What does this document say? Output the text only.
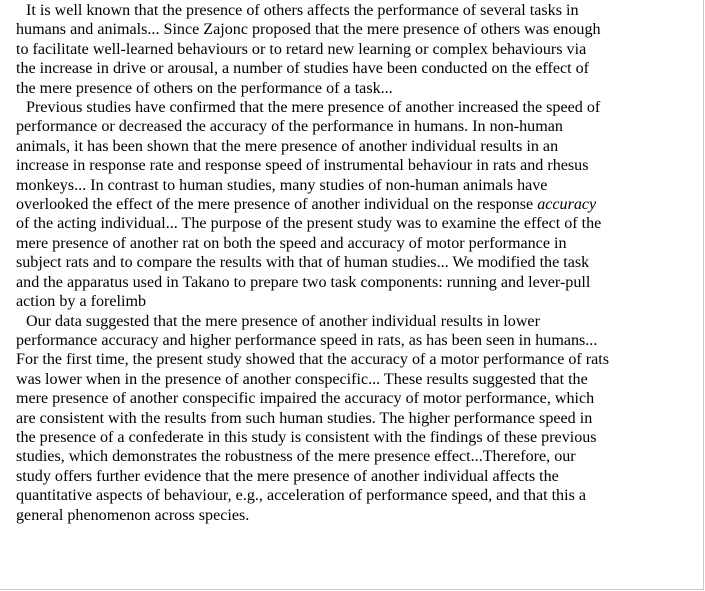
It is well known that the presence of others affects the performance of several tasks in
humans and animals... Since Zajonc proposed that the mere presence of others was enough
to facilitate well-learned behaviours or to retard new learning or complex behaviours via
the increase in drive or arousal, a number of studies have been conducted on the effect of
the mere presence of others on the performance of a task...

Previous studies have confirmed that the mere presence of another increased the speed of
performance or decreased the accuracy of the performance in humans. In non-human
animals, it has been shown that the mere presence of another individual results in an
increase in response rate and response speed of instrumental behaviour in rats and rhesus
monkeys... In contrast to human studies, many studies of non-human animals have
overlooked the effect of the mere presence of another individual on the response accuracy
of the acting individual... The purpose of the present study was to examine the effect of the
mere presence of another rat on both the speed and accuracy of motor performance in
subject rats and to compare the results with that of human studies... We modified the task
and the apparatus used in Takano to prepare two task components: running and lever-pull
action by a forelimb

Our data suggested that the mere presence of another individual results in lower
performance accuracy and higher performance speed in rats, as has been seen in humans...
For the first time, the present study showed that the accuracy of a motor performance of rats
was lower when in the presence of another conspecific... These results suggested that the
mere presence of another conspecific impaired the accuracy of motor performance, which
are consistent with the results from such human studies. The higher performance speed in
the presence of a confederate in this study is consistent with the findings of these previous
studies, which demonstrates the robustness of the mere presence effect...Therefore, our
study offers further evidence that the mere presence of another individual affects the
quantitative aspects of behaviour, e.g., acceleration of performance speed, and that this a
general phenomenon across species.
